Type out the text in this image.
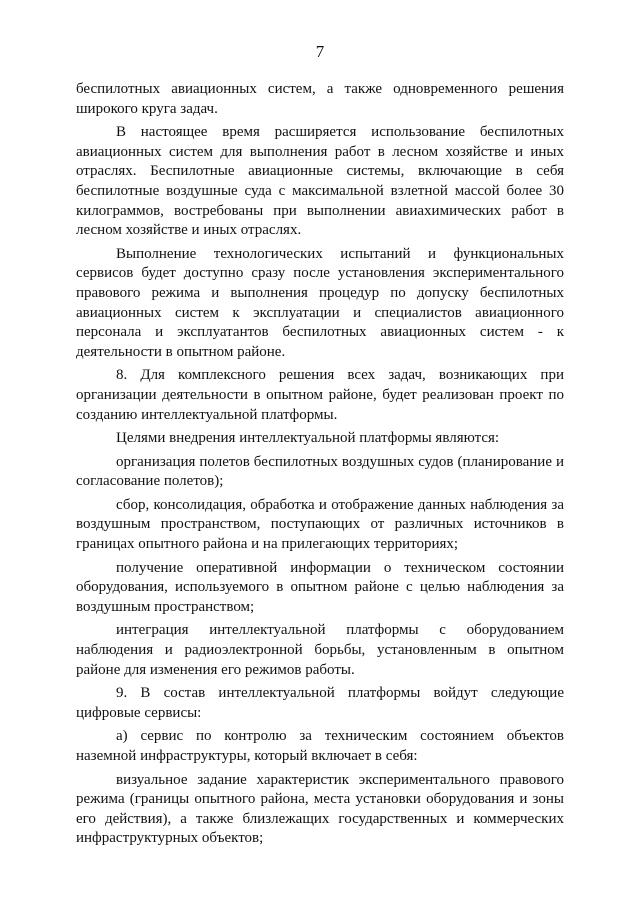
7

беспилотных авиационных систем, а также одновременного решения широкого круга задач.

В настоящее время расширяется использование беспилотных авиационных систем для выполнения работ в лесном хозяйстве и иных отраслях. Беспилотные авиационные системы, включающие в себя беспилотные воздушные суда с максимальной взлетной массой более 30 килограммов, востребованы при выполнении авиахимических работ в лесном хозяйстве и иных отраслях.

Выполнение технологических испытаний и функциональных сервисов будет доступно сразу после установления экспериментального правового режима и выполнения процедур по допуску беспилотных авиационных систем к эксплуатации и специалистов авиационного персонала и эксплуатантов беспилотных авиационных систем - к деятельности в опытном районе.

8. Для комплексного решения всех задач, возникающих при организации деятельности в опытном районе, будет реализован проект по созданию интеллектуальной платформы.

Целями внедрения интеллектуальной платформы являются:

организация полетов беспилотных воздушных судов (планирование и согласование полетов);

сбор, консолидация, обработка и отображение данных наблюдения за воздушным пространством, поступающих от различных источников в границах опытного района и на прилегающих территориях;

получение оперативной информации о техническом состоянии оборудования, используемого в опытном районе с целью наблюдения за воздушным пространством;

интеграция интеллектуальной платформы с оборудованием наблюдения и радиоэлектронной борьбы, установленным в опытном районе для изменения его режимов работы.

9. В состав интеллектуальной платформы войдут следующие цифровые сервисы:

а) сервис по контролю за техническим состоянием объектов наземной инфраструктуры, который включает в себя:

визуальное задание характеристик экспериментального правового режима (границы опытного района, места установки оборудования и зоны его действия), а также близлежащих государственных и коммерческих инфраструктурных объектов;
